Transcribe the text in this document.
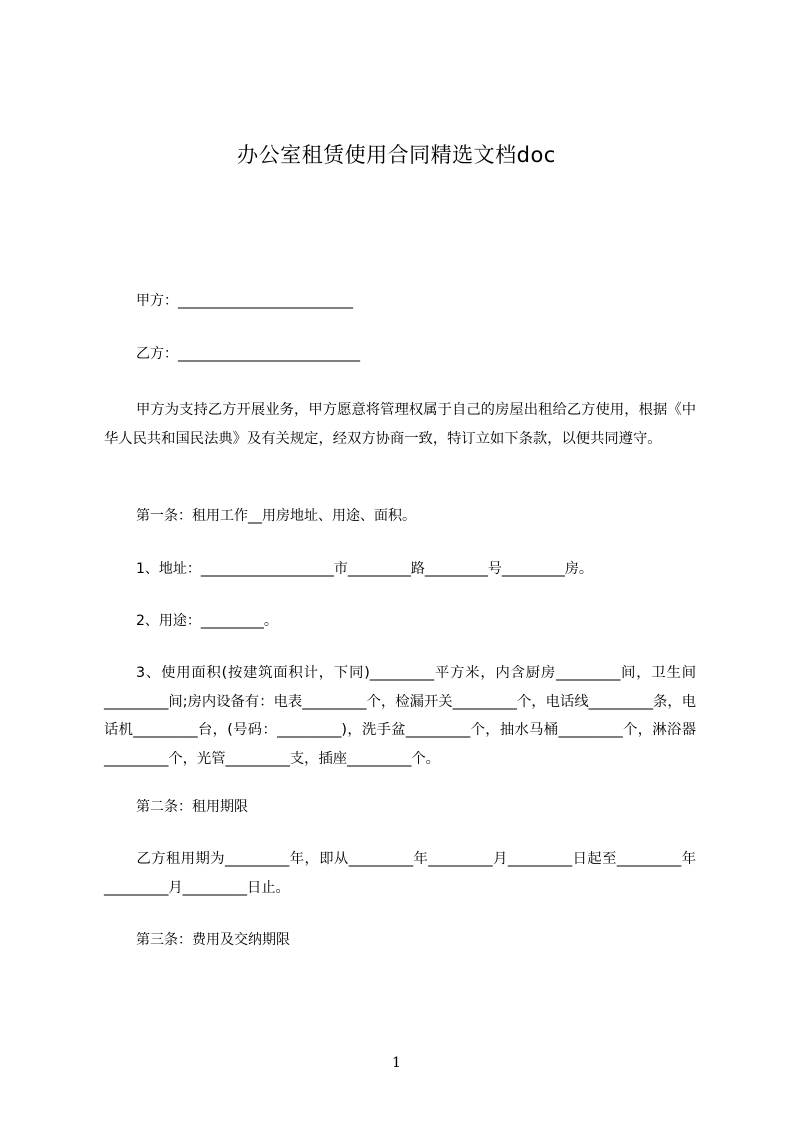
办公室租赁使用合同精选文档doc
甲方：_________________________
乙方：__________________________
甲方为支持乙方开展业务，甲方愿意将管理权属于自己的房屋出租给乙方使用，根据《中华人民共和国民法典》及有关规定，经双方协商一致，特订立如下条款，以便共同遵守。
第一条：租用工作__用房地址、用途、面积。
1、地址：___________________市_________路_________号_________房。
2、用途：_________。
3、使用面积(按建筑面积计，下同)_________平方米，内含厨房_________间，卫生间_________间;房内设备有：电表_________个，检漏开关_________个，电话线_________条，电话机_________台，(号码：_________)，洗手盆_________个，抽水马桶_________个，淋浴器_________个，光管_________支，插座_________个。
第二条：租用期限
乙方租用期为_________年，即从_________年_________月_________日起至_________年_________月_________日止。
第三条：费用及交纳期限
1
